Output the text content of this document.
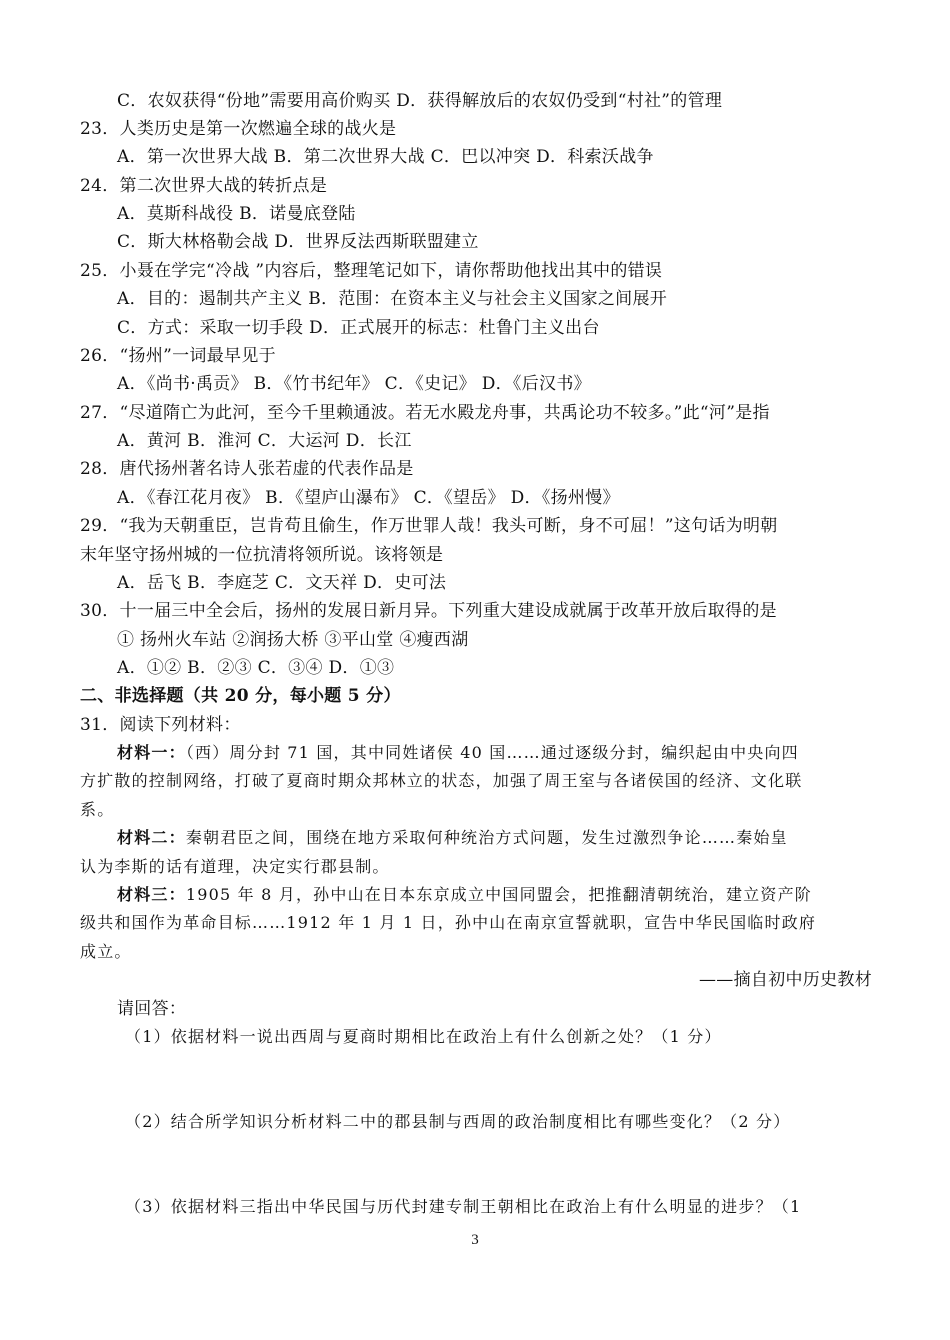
C．农奴获得“份地”需要用高价购买 D．获得解放后的农奴仍受到“村社”的管理
23．人类历史是第一次燃遍全球的战火是
A．第一次世界大战 B．第二次世界大战 C．巴以冲突 D．科索沃战争
24．第二次世界大战的转折点是
A．莫斯科战役 B．诺曼底登陆
C．斯大林格勒会战 D．世界反法西斯联盟建立
25．小聂在学完“冷战 ”内容后，整理笔记如下，请你帮助他找出其中的错误
A．目的：遏制共产主义 B．范围：在资本主义与社会主义国家之间展开
C．方式：采取一切手段 D．正式展开的标志：杜鲁门主义出台
26．“扬州”一词最早见于
A．《尚书·禹贡》 B．《竹书纪年》 C．《史记》 D．《后汉书》
27．“尽道隋亡为此河，至今千里赖通波。若无水殿龙舟事，共禹论功不较多。”此“河”是指
A．黄河 B．淮河 C．大运河 D．长江
28．唐代扬州著名诗人张若虚的代表作品是
A．《春江花月夜》 B．《望庐山瀑布》 C．《望岳》 D．《扬州慢》
29．“我为天朝重臣，岂肯苟且偷生，作万世罪人哉！我头可断，身不可屈！”这句话为明朝
末年坚守扬州城的一位抗清将领所说。该将领是
A．岳飞 B．李庭芝 C．文天祥 D．史可法
30．十一届三中全会后，扬州的发展日新月异。下列重大建设成就属于改革开放后取得的是
① 扬州火车站 ②润扬大桥 ③平山堂 ④瘦西湖
A．①② B．②③ C．③④ D．①③
二、非选择题（共 20 分，每小题 5 分）
31．阅读下列材料：
材料一：（西）周分封 71 国，其中同姓诸侯 40 国……通过逐级分封，编织起由中央向四
方扩散的控制网络，打破了夏商时期众邦林立的状态，加强了周王室与各诸侯国的经济、文化联
系。
材料二：秦朝君臣之间，围绕在地方采取何种统治方式问题，发生过激烈争论……秦始皇
认为李斯的话有道理，决定实行郡县制。
材料三：1905 年 8 月，孙中山在日本东京成立中国同盟会，把推翻清朝统治，建立资产阶
级共和国作为革命目标……1912 年 1 月 1 日，孙中山在南京宣誓就职，宣告中华民国临时政府
成立。
——摘自初中历史教材
请回答：
（1）依据材料一说出西周与夏商时期相比在政治上有什么创新之处？（1 分）
（2）结合所学知识分析材料二中的郡县制与西周的政治制度相比有哪些变化？（2 分）
（3）依据材料三指出中华民国与历代封建专制王朝相比在政治上有什么明显的进步？（1
3
